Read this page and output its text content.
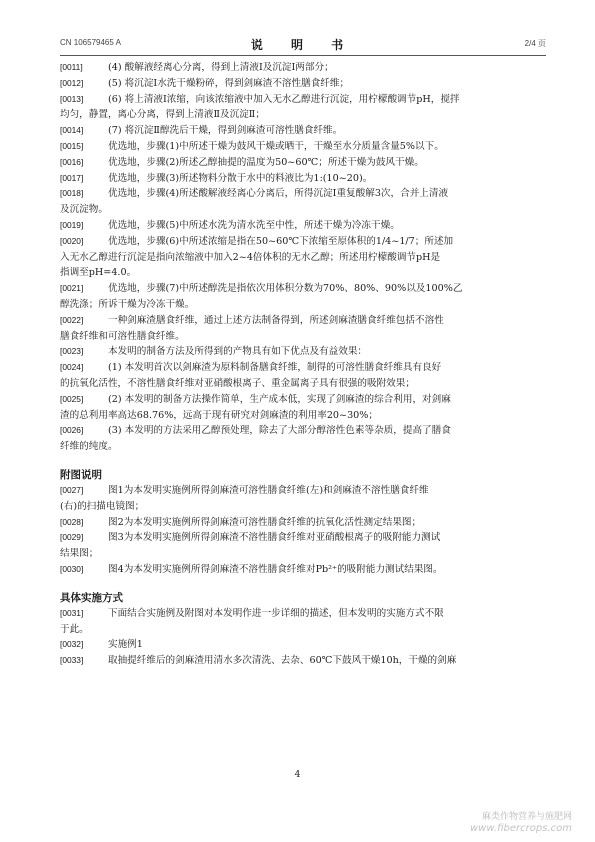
CN 106579465 A	说 明 书	2/4 页
[0011]	(4) 酸解液经离心分离，得到上清液Ⅰ及沉淀Ⅰ两部分；
[0012]	(5) 将沉淀Ⅰ水洗干燥粉碎，得到剑麻渣不溶性膳食纤维；
[0013]	(6) 将上清液Ⅰ浓缩，向该浓缩液中加入无水乙醇进行沉淀，用柠檬酸调节pH，搅拌
均匀，静置，离心分离，得到上清液Ⅱ及沉淀Ⅱ；
[0014]	(7) 将沉淀Ⅱ醇洗后干燥，得到剑麻渣可溶性膳食纤维。
[0015]	优选地，步骤(1)中所述干燥为鼓风干燥或晒干，干燥至水分质量含量5%以下。
[0016]	优选地，步骤(2)所述乙醇抽提的温度为50~60℃；所述干燥为鼓风干燥。
[0017]	优选地，步骤(3)所述物料分散于水中的料液比为1:(10~20)。
[0018]	优选地，步骤(4)所述酸解液经离心分离后，所得沉淀Ⅰ重复酸解3次，合并上清液
及沉淀物。
[0019]	优选地，步骤(5)中所述水洗为清水洗至中性，所述干燥为冷冻干燥。
[0020]	优选地，步骤(6)中所述浓缩是指在50~60℃下浓缩至原体积的1/4~1/7；所述加
入无水乙醇进行沉淀是指向浓缩液中加入2~4倍体积的无水乙醇；所述用柠檬酸调节pH是
指调至pH=4.0。
[0021]	优选地，步骤(7)中所述醇洗是指依次用体积分数为70%、80%、90%以及100%乙
醇洗涤；所诉干燥为冷冻干燥。
[0022]	一种剑麻渣膳食纤维，通过上述方法制备得到，所述剑麻渣膳食纤维包括不溶性
膳食纤维和可溶性膳食纤维。
[0023]	本发明的制备方法及所得到的产物具有如下优点及有益效果：
[0024]	(1) 本发明首次以剑麻渣为原料制备膳食纤维，制得的可溶性膳食纤维具有良好
的抗氧化活性，不溶性膳食纤维对亚硝酸根离子、重金属离子具有很强的吸附效果；
[0025]	(2) 本发明的制备方法操作简单，生产成本低，实现了剑麻渣的综合利用，对剑麻
渣的总利用率高达68.76%，远高于现有研究对剑麻渣的利用率20~30%；
[0026]	(3) 本发明的方法采用乙醇预处理，除去了大部分醇溶性色素等杂质，提高了膳食
纤维的纯度。
附图说明
[0027]	图1为本发明实施例所得剑麻渣可溶性膳食纤维(左)和剑麻渣不溶性膳食纤维
(右)的扫描电镜图；
[0028]	图2为本发明实施例所得剑麻渣可溶性膳食纤维的抗氧化活性测定结果图；
[0029]	图3为本发明实施例所得剑麻渣不溶性膳食纤维对亚硝酸根离子的吸附能力测试
结果图；
[0030]	图4为本发明实施例所得剑麻渣不溶性膳食纤维对Pb²⁺的吸附能力测试结果图。
具体实施方式
[0031]	下面结合实施例及附图对本发明作进一步详细的描述，但本发明的实施方式不限
于此。
[0032]	实施例1
[0033]	取抽提纤维后的剑麻渣用清水多次清洗、去杂、60℃下鼓风干燥10h，干燥的剑麻
4
麻类作物营养与施肥网
www.fibercrops.com
